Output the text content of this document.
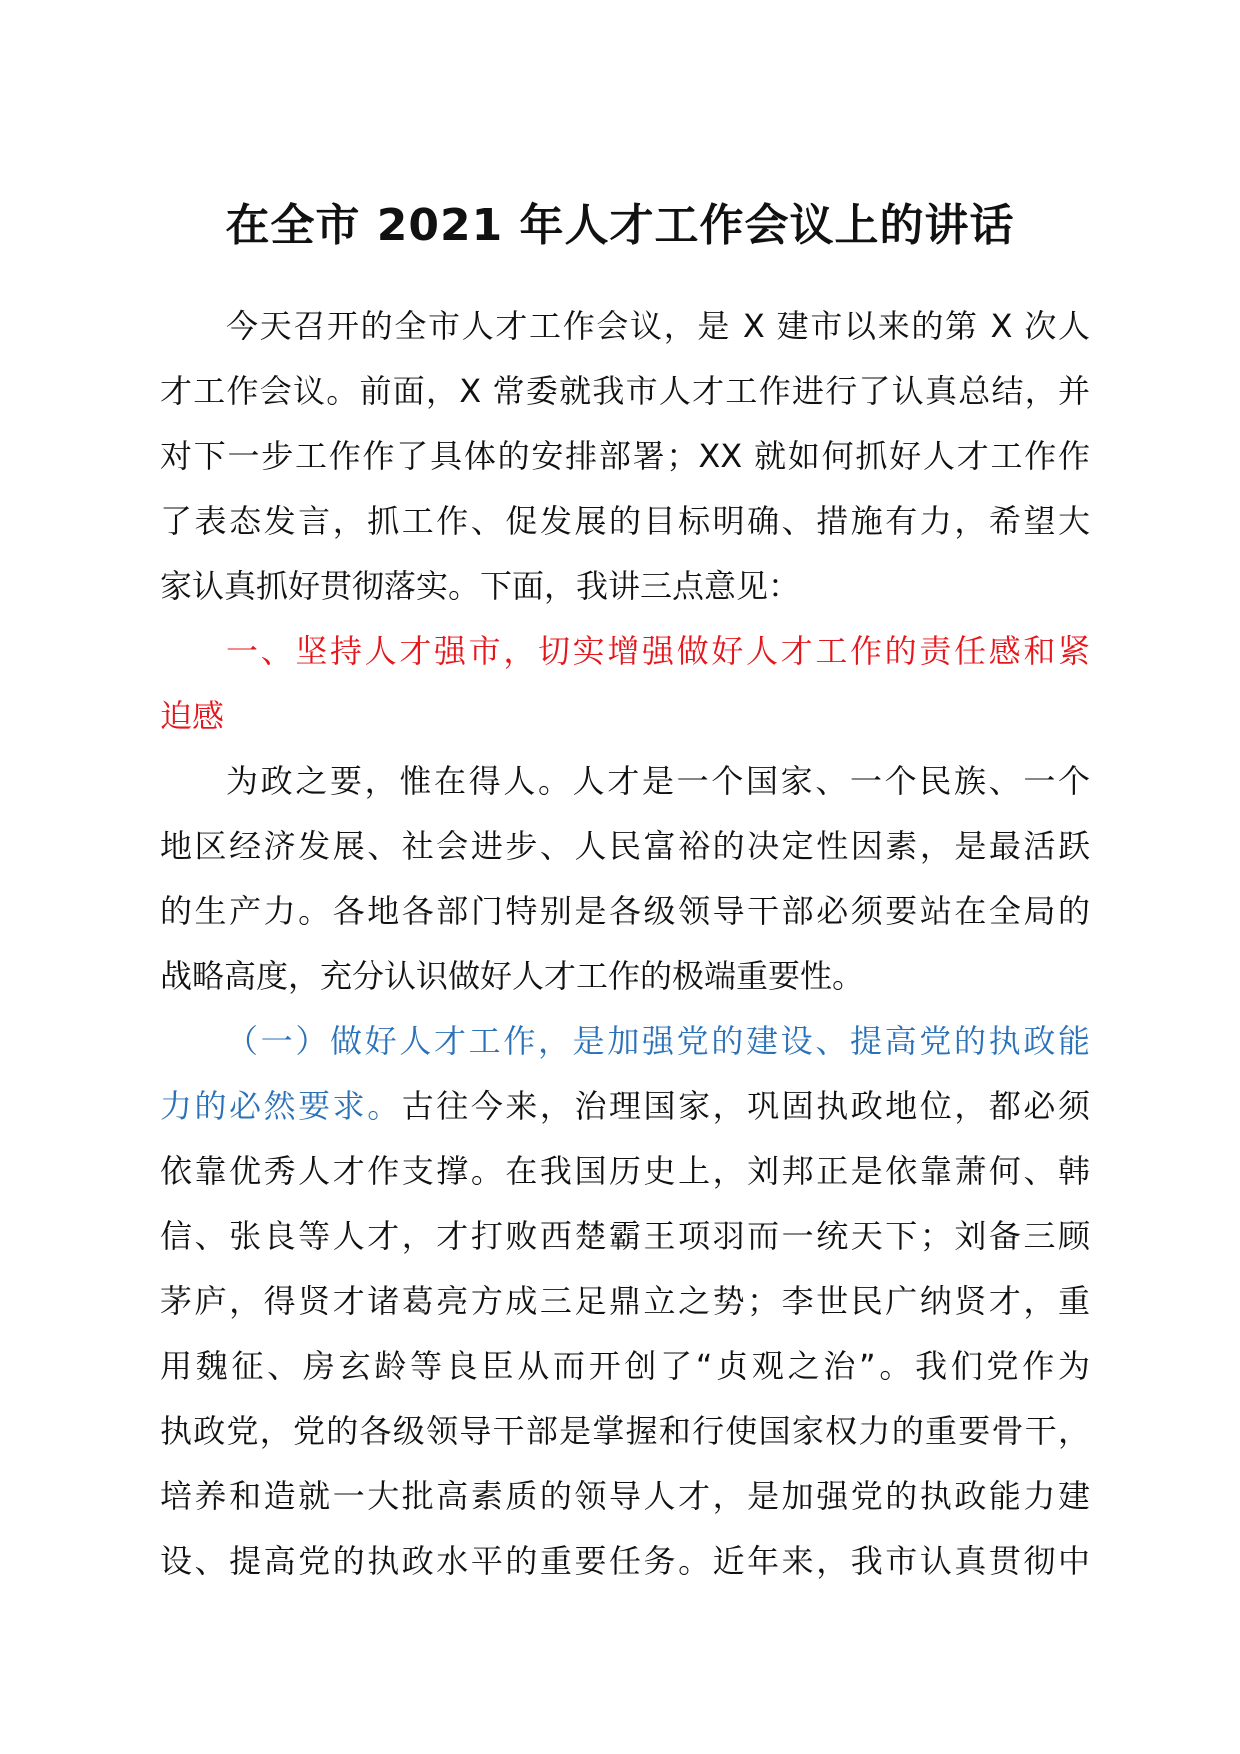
在全市 2021 年人才工作会议上的讲话
今天召开的全市人才工作会议，是 X 建市以来的第 X 次人
才工作会议。前面，X 常委就我市人才工作进行了认真总结，并
对下一步工作作了具体的安排部署；XX 就如何抓好人才工作作
了表态发言，抓工作、促发展的目标明确、措施有力，希望大
家认真抓好贯彻落实。下面，我讲三点意见：
一、坚持人才强市，切实增强做好人才工作的责任感和紧
迫感
为政之要，惟在得人。人才是一个国家、一个民族、一个
地区经济发展、社会进步、人民富裕的决定性因素，是最活跃
的生产力。各地各部门特别是各级领导干部必须要站在全局的
战略高度，充分认识做好人才工作的极端重要性。
（一）做好人才工作，是加强党的建设、提高党的执政能
力的必然要求。古往今来，治理国家，巩固执政地位，都必须
依靠优秀人才作支撑。在我国历史上，刘邦正是依靠萧何、韩
信、张良等人才，才打败西楚霸王项羽而一统天下；刘备三顾
茅庐，得贤才诸葛亮方成三足鼎立之势；李世民广纳贤才，重
用魏征、房玄龄等良臣从而开创了“贞观之治”。我们党作为
执政党，党的各级领导干部是掌握和行使国家权力的重要骨干，
培养和造就一大批高素质的领导人才，是加强党的执政能力建
设、提高党的执政水平的重要任务。近年来，我市认真贯彻中
